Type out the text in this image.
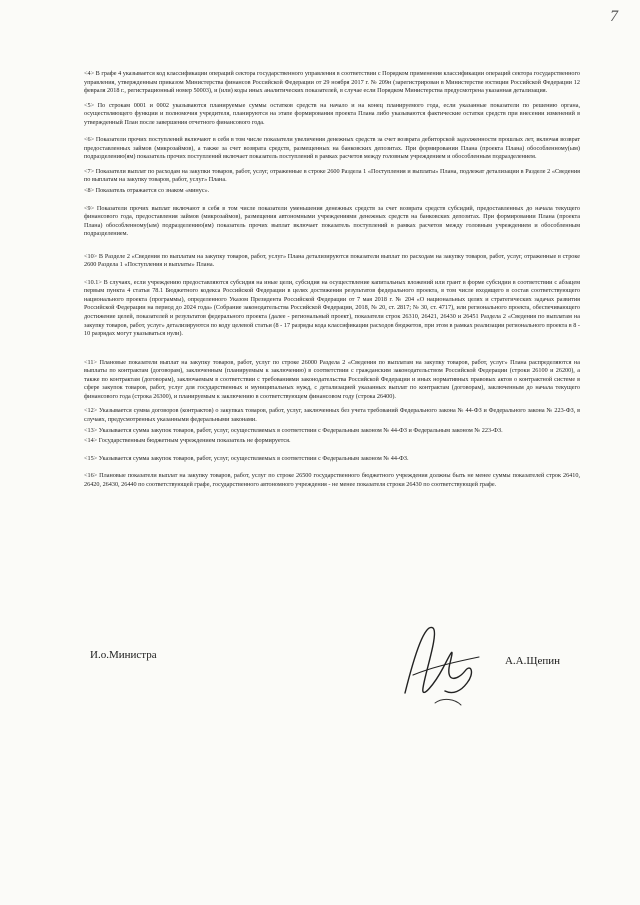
7

<4> В графе 4 указывается код классификации операций сектора государственного управления в соответствии с Порядком применения классификации операций сектора государственного управления, утвержденным приказом Министерства финансов Российской Федерации от 29 ноября 2017 г. № 209н (зарегистрирован в Министерстве юстиции Российской Федерации 12 февраля 2018 г., регистрационный номер 50003), и (или) коды иных аналитических показателей, в случае если Порядком Министерства предусмотрена указанная детализация.

<5> По строкам 0001 и 0002 указываются планируемые суммы остатков средств на начало и на конец планируемого года, если указанные показатели по решению органа, осуществляющего функции и полномочия учредителя, планируются на этапе формирования проекта Плана либо указываются фактические остатки средств при внесении изменений в утвержденный План после завершения отчетного финансового года.

<6> Показатели прочих поступлений включают в себя в том числе показатели увеличения денежных средств за счет возврата дебиторской задолженности прошлых лет, включая возврат предоставленных займов (микрозаймов), а также за счет возврата средств, размещенных на банковских депозитах. При формировании Плана (проекта Плана) обособленному(ым) подразделению(ям) показатель прочих поступлений включает показатель поступлений в рамках расчетов между головным учреждением и обособленным подразделением.

<7> Показатели выплат по расходам на закупки товаров, работ, услуг, отраженные в строке 2600 Раздела 1 «Поступления и выплаты» Плана, подлежат детализации в Разделе 2 «Сведения по выплатам на закупку товаров, работ, услуг» Плана.

<8> Показатель отражается со знаком «минус».

<9> Показатели прочих выплат включают в себя в том числе показатели уменьшения денежных средств за счет возврата средств субсидий, предоставленных до начала текущего финансового года, предоставления займов (микрозаймов), размещения автономными учреждениями денежных средств на банковских депозитах. При формировании Плана (проекта Плана) обособленному(ым) подразделению(ям) показатель прочих выплат включает показатель поступлений в рамках расчетов между головным учреждением и обособленным подразделением.

<10> В Разделе 2 «Сведения по выплатам на закупку товаров, работ, услуг» Плана детализируются показатели выплат по расходам на закупку товаров, работ, услуг, отраженные в строке 2600 Раздела 1 «Поступления и выплаты» Плана.

<10.1> В случаях, если учреждению предоставляются субсидия на иные цели, субсидия на осуществление капитальных вложений или грант в форме субсидии в соответствии с абзацем первым пункта 4 статьи 78.1 Бюджетного кодекса Российской Федерации в целях достижения результатов федерального проекта, в том числе входящего в состав соответствующего национального проекта (программы), определенного Указом Президента Российской Федерации от 7 мая 2018 г. № 204 «О национальных целях и стратегических задачах развития Российской Федерации на период до 2024 года» (Собрание законодательства Российской Федерации, 2018, № 20, ст. 2817; № 30, ст. 4717), или регионального проекта, обеспечивающего достижение целей, показателей и результатов федерального проекта (далее - региональный проект), показатели строк 26310, 26421, 26430 и 26451 Раздела 2 «Сведения по выплатам на закупку товаров, работ, услуг» детализируются по коду целевой статьи (8 - 17 разряды кода классификации расходов бюджетов, при этом в рамках реализации регионального проекта в 8 - 10 разрядах могут указываться нули).

<11> Плановые показатели выплат на закупку товаров, работ, услуг по строке 26000 Раздела 2 «Сведения по выплатам на закупку товаров, работ, услуг» Плана распределяются на выплаты по контрактам (договорам), заключенным (планируемым к заключению) в соответствии с гражданским законодательством Российской Федерации (строки 26100 и 26200), а также по контрактам (договорам), заключаемым в соответствии с требованиями законодательства Российской Федерации и иных нормативных правовых актов о контрактной системе в сфере закупок товаров, работ, услуг для государственных и муниципальных нужд, с детализацией указанных выплат по контрактам (договорам), заключенным до начала текущего финансового года (строка 26300), и планируемым к заключению в соответствующем финансовом году (строка 26400).

<12> Указывается сумма договоров (контрактов) о закупках товаров, работ, услуг, заключенных без учета требований Федерального закона № 44-ФЗ и Федерального закона № 223-ФЗ, в случаях, предусмотренных указанными федеральными законами.

<13> Указывается сумма закупок товаров, работ, услуг, осуществляемых в соответствии с Федеральным законом № 44-ФЗ и Федеральным законом № 223-ФЗ.

<14> Государственным бюджетным учреждением показатель не формируется.

<15> Указывается сумма закупок товаров, работ, услуг, осуществляемых в соответствии с Федеральным законом № 44-ФЗ.

<16> Плановые показатели выплат на закупку товаров, работ, услуг по строке 26500 государственного бюджетного учреждения должны быть не менее суммы показателей строк 26410, 26420, 26430, 26440 по соответствующей графе, государственного автономного учреждения - не менее показателя строки 26430 по соответствующей графе.

И.о.Министра	А.А.Щепин
